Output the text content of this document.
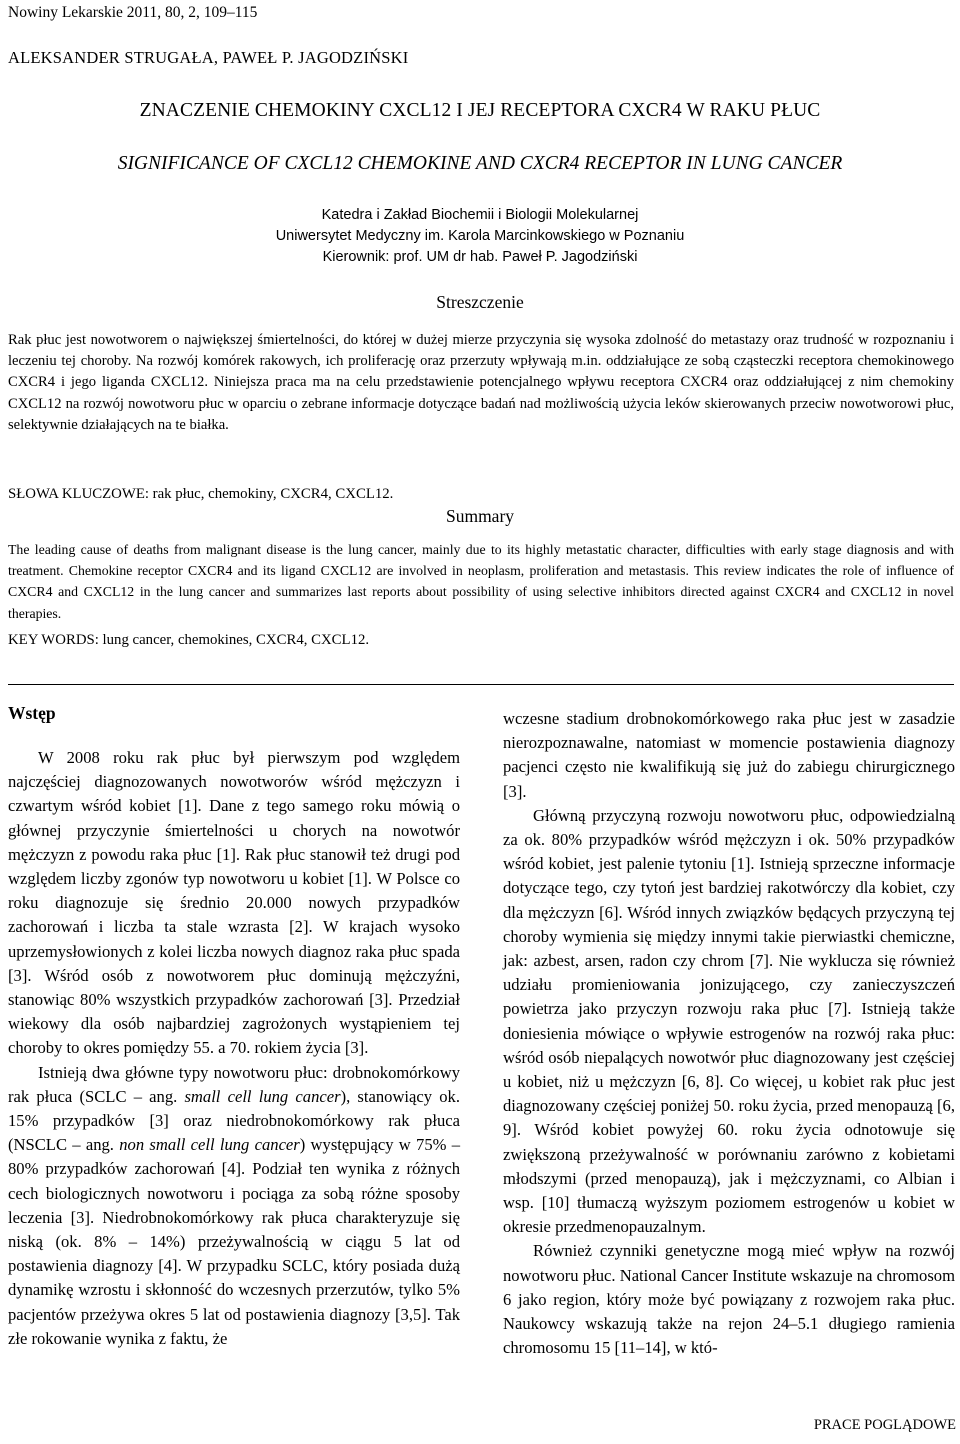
Nowiny Lekarskie 2011, 80, 2, 109–115
ALEKSANDER STRUGAŁA, PAWEŁ P. JAGODZIŃSKI
ZNACZENIE CHEMOKINY CXCL12 I JEJ RECEPTORA CXCR4 W RAKU PŁUC
SIGNIFICANCE OF CXCL12 CHEMOKINE AND CXCR4 RECEPTOR IN LUNG CANCER
Katedra i Zakład Biochemii i Biologii Molekularnej
Uniwersytet Medyczny im. Karola Marcinkowskiego w Poznaniu
Kierownik: prof. UM dr hab. Paweł P. Jagodziński
Streszczenie
Rak płuc jest nowotworem o największej śmiertelności, do której w dużej mierze przyczynia się wysoka zdolność do metastazy oraz trudność w rozpoznaniu i leczeniu tej choroby. Na rozwój komórek rakowych, ich proliferację oraz przerzuty wpływają m.in. oddziałujące ze sobą cząsteczki receptora chemokinowego CXCR4 i jego liganda CXCL12. Niniejsza praca ma na celu przedstawienie potencjalnego wpływu receptora CXCR4 oraz oddziałującej z nim chemokiny CXCL12 na rozwój nowotworu płuc w oparciu o zebrane informacje dotyczące badań nad możliwością użycia leków skierowanych przeciw nowotworowi płuc, selektywnie działających na te białka.
SŁOWA KLUCZOWE: rak płuc, chemokiny, CXCR4, CXCL12.
Summary
The leading cause of deaths from malignant disease is the lung cancer, mainly due to its highly metastatic character, difficulties with early stage diagnosis and with treatment. Chemokine receptor CXCR4 and its ligand CXCL12 are involved in neoplasm, proliferation and metastasis. This review indicates the role of influence of CXCR4 and CXCL12 in the lung cancer and summarizes last reports about possibility of using selective inhibitors directed against CXCR4 and CXCL12 in novel therapies.
KEY WORDS: lung cancer, chemokines, CXCR4, CXCL12.
Wstęp

W 2008 roku rak płuc był pierwszym pod względem najczęściej diagnozowanych nowotworów wśród mężczyzn i czwartym wśród kobiet [1]. Dane z tego samego roku mówią o głównej przyczynie śmiertelności u chorych na nowotwór mężczyzn z powodu raka płuc [1]. Rak płuc stanowił też drugi pod względem liczby zgonów typ nowotworu u kobiet [1]. W Polsce co roku diagnozuje się średnio 20.000 nowych przypadków zachorowań i liczba ta stale wzrasta [2]. W krajach wysoko uprzemysłowionych z kolei liczba nowych diagnoz raka płuc spada [3]. Wśród osób z nowotworem płuc dominują mężczyźni, stanowiąc 80% wszystkich przypadków zachorowań [3]. Przedział wiekowy dla osób najbardziej zagrożonych wystąpieniem tej choroby to okres pomiędzy 55. a 70. rokiem życia [3].

Istnieją dwa główne typy nowotworu płuc: drobnokomórkowy rak płuca (SCLC – ang. small cell lung cancer), stanowiący ok. 15% przypadków [3] oraz niedrobnokomórkowy rak płuca (NSCLC – ang. non small cell lung cancer) występujący w 75% – 80% przypadków zachorowań [4]. Podział ten wynika z różnych cech biologicznych nowotworu i pociąga za sobą różne sposoby leczenia [3]. Niedrobnokomórkowy rak płuca charakteryzuje się niską (ok. 8% – 14%) przeżywalnością w ciągu 5 lat od postawienia diagnozy [4]. W przypadku SCLC, który posiada dużą dynamikę wzrostu i skłonność do wczesnych przerzutów, tylko 5% pacjentów przeżywa okres 5 lat od postawienia diagnozy [3,5]. Tak złe rokowanie wynika z faktu, że

wczesne stadium drobnokomórkowego raka płuc jest w zasadzie nierozpoznawalne, natomiast w momencie postawienia diagnozy pacjenci często nie kwalifikują się już do zabiegu chirurgicznego [3].

Główną przyczyną rozwoju nowotworu płuc, odpowiedzialną za ok. 80% przypadków wśród mężczyzn i ok. 50% przypadków wśród kobiet, jest palenie tytoniu [1]. Istnieją sprzeczne informacje dotyczące tego, czy tytoń jest bardziej rakotwórczy dla kobiet, czy dla mężczyzn [6]. Wśród innych związków będących przyczyną tej choroby wymienia się między innymi takie pierwiastki chemiczne, jak: azbest, arsen, radon czy chrom [7]. Nie wyklucza się również udziału promieniowania jonizującego, czy zanieczyszczeń powietrza jako przyczyn rozwoju raka płuc [7]. Istnieją także doniesienia mówiące o wpływie estrogenów na rozwój raka płuc: wśród osób niepalących nowotwór płuc diagnozowany jest częściej u kobiet, niż u mężczyzn [6, 8]. Co więcej, u kobiet rak płuc jest diagnozowany częściej poniżej 50. roku życia, przed menopauzą [6, 9]. Wśród kobiet powyżej 60. roku życia odnotowuje się zwiększoną przeżywalność w porównaniu zarówno z kobietami młodszymi (przed menopauzą), jak i mężczyznami, co Albian i wsp. [10] tłumaczą wyższym poziomem estrogenów u kobiet w okresie przedmenopauzalnym.

Również czynniki genetyczne mogą mieć wpływ na rozwój nowotworu płuc. National Cancer Institute wskazuje na chromosom 6 jako region, który może być powiązany z rozwojem raka płuc. Naukowcy wskazują także na rejon 24–5.1 długiego ramienia chromosomu 15 [11–14], w któ-

PRACE POGLĄDOWE
